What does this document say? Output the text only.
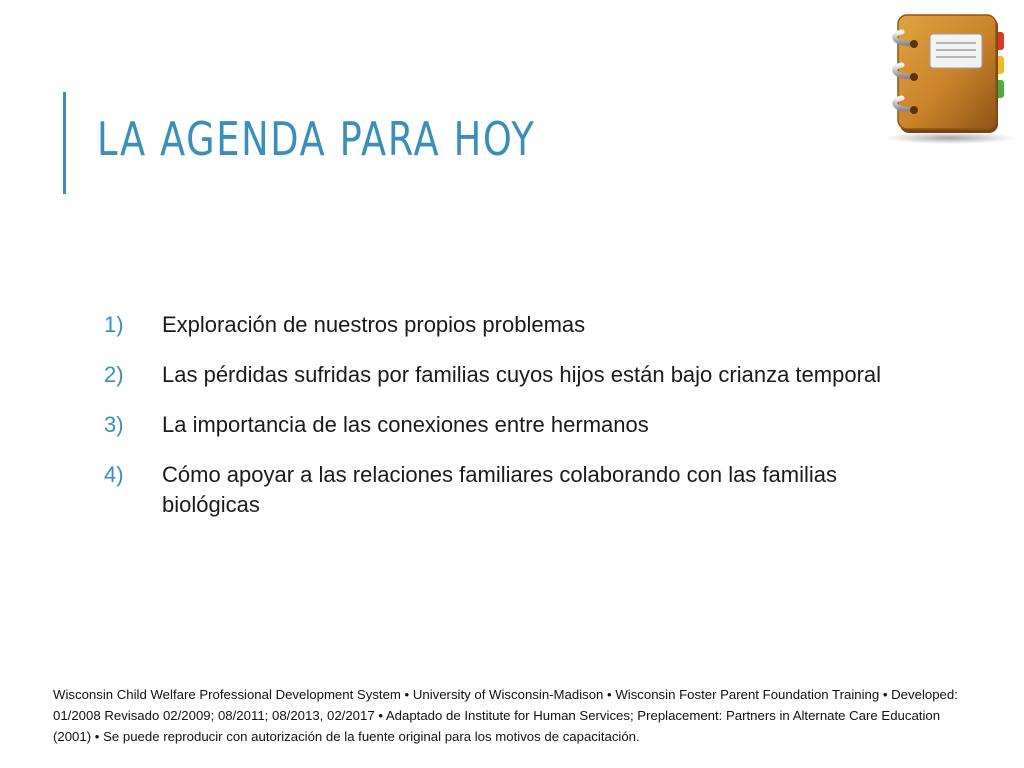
LA AGENDA PARA HOY
1) Exploración de nuestros propios problemas
2) Las pérdidas sufridas por familias cuyos hijos están bajo crianza temporal
3) La importancia de las conexiones entre hermanos
4) Cómo apoyar a las relaciones familiares colaborando con las familias biológicas

Wisconsin Child Welfare Professional Development System • University of Wisconsin-Madison • Wisconsin Foster Parent Foundation Training • Developed: 01/2008 Revisado 02/2009; 08/2011; 08/2013, 02/2017 • Adaptado de Institute for Human Services; Preplacement: Partners in Alternate Care Education (2001) • Se puede reproducir con autorización de la fuente original para los motivos de capacitación.
